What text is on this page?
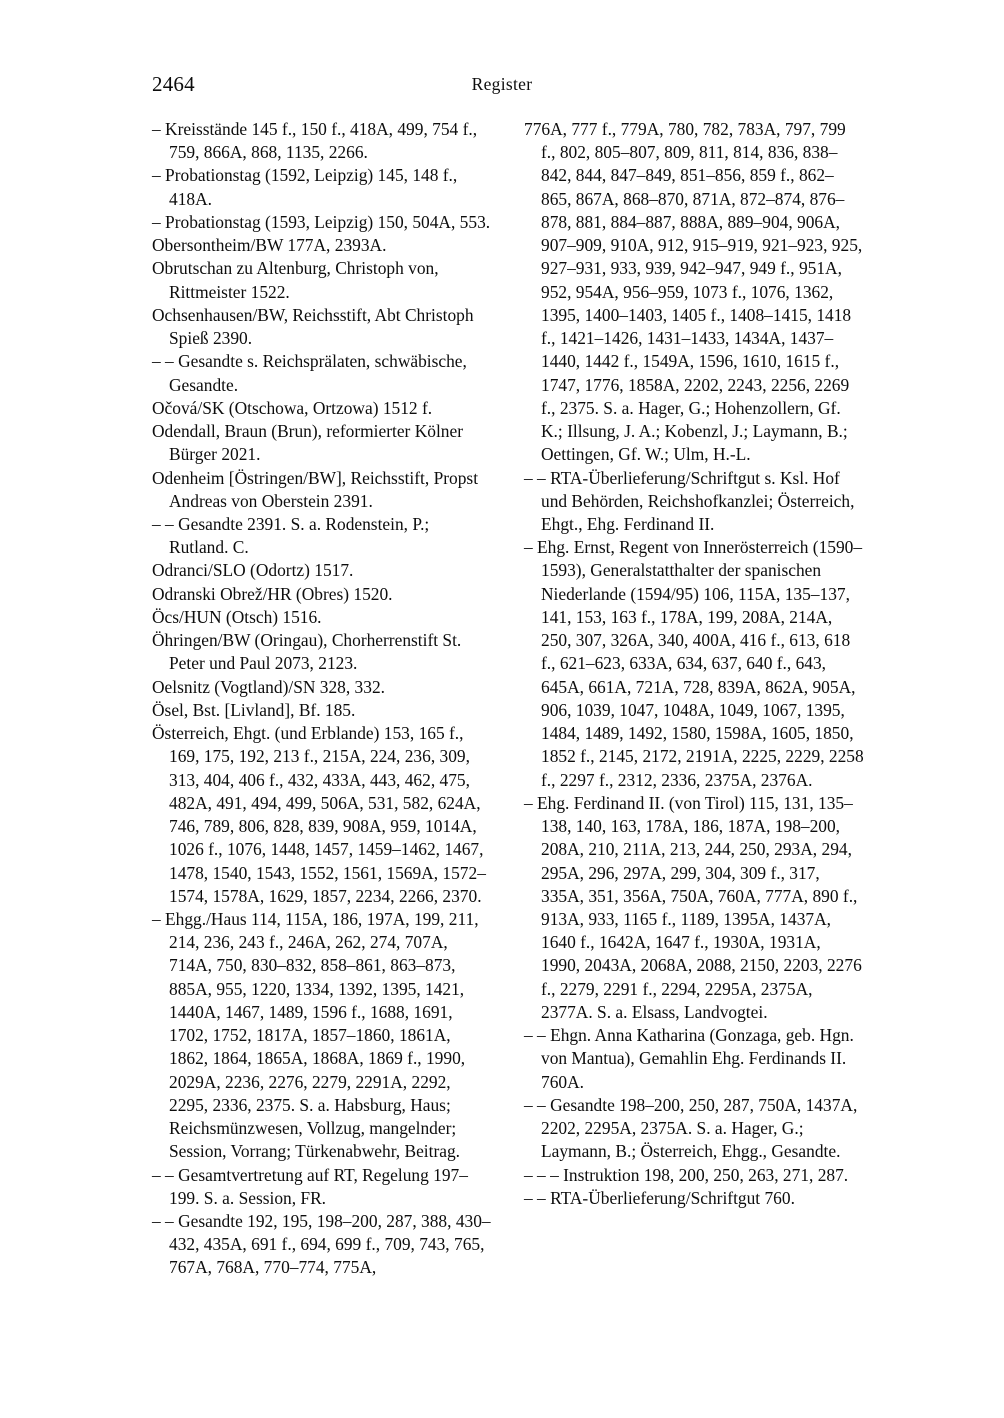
2464	Register

– Kreisstände 145 f., 150 f., 418A, 499, 754 f., 759, 866A, 868, 1135, 2266.

– Probationstag (1592, Leipzig) 145, 148 f., 418A.

– Probationstag (1593, Leipzig) 150, 504A, 553.

Obersontheim/BW 177A, 2393A.

Obrutschan zu Altenburg, Christoph von, Rittmeister 1522.

Ochsenhausen/BW, Reichsstift, Abt Christoph Spieß 2390.

– – Gesandte s. Reichsprälaten, schwäbische, Gesandte.

Očová/SK (Otschowa, Ortzowa) 1512 f.

Odendall, Braun (Brun), reformierter Kölner Bürger 2021.

Odenheim [Östringen/BW], Reichsstift, Propst Andreas von Oberstein 2391.

– – Gesandte 2391. S. a. Rodenstein, P.; Rutland. C.

Odranci/SLO (Odortz) 1517.

Odranski Obrež/HR (Obres) 1520.

Öcs/HUN (Otsch) 1516.

Öhringen/BW (Oringau), Chorherrenstift St. Peter und Paul 2073, 2123.

Oelsnitz (Vogtland)/SN 328, 332.

Ösel, Bst. [Livland], Bf. 185.

Österreich, Ehgt. (und Erblande) 153, 165 f., 169, 175, 192, 213 f., 215A, 224, 236, 309, 313, 404, 406 f., 432, 433A, 443, 462, 475, 482A, 491, 494, 499, 506A, 531, 582, 624A, 746, 789, 806, 828, 839, 908A, 959, 1014A, 1026 f., 1076, 1448, 1457, 1459–1462, 1467, 1478, 1540, 1543, 1552, 1561, 1569A, 1572–1574, 1578A, 1629, 1857, 2234, 2266, 2370.

– Ehgg./Haus 114, 115A, 186, 197A, 199, 211, 214, 236, 243 f., 246A, 262, 274, 707A, 714A, 750, 830–832, 858–861, 863–873, 885A, 955, 1220, 1334, 1392, 1395, 1421, 1440A, 1467, 1489, 1596 f., 1688, 1691, 1702, 1752, 1817A, 1857–1860, 1861A, 1862, 1864, 1865A, 1868A, 1869 f., 1990, 2029A, 2236, 2276, 2279, 2291A, 2292, 2295, 2336, 2375. S. a. Habsburg, Haus; Reichsmünzwesen, Vollzug, mangelnder; Session, Vorrang; Türkenabwehr, Beitrag.

– – Gesamtvertretung auf RT, Regelung 197–199. S. a. Session, FR.

– – Gesandte 192, 195, 198–200, 287, 388, 430–432, 435A, 691 f., 694, 699 f., 709, 743, 765, 767A, 768A, 770–774, 775A,

776A, 777 f., 779A, 780, 782, 783A, 797, 799 f., 802, 805–807, 809, 811, 814, 836, 838–842, 844, 847–849, 851–856, 859 f., 862–865, 867A, 868–870, 871A, 872–874, 876–878, 881, 884–887, 888A, 889–904, 906A, 907–909, 910A, 912, 915–919, 921–923, 925, 927–931, 933, 939, 942–947, 949 f., 951A, 952, 954A, 956–959, 1073 f., 1076, 1362, 1395, 1400–1403, 1405 f., 1408–1415, 1418 f., 1421–1426, 1431–1433, 1434A, 1437–1440, 1442 f., 1549A, 1596, 1610, 1615 f., 1747, 1776, 1858A, 2202, 2243, 2256, 2269 f., 2375. S. a. Hager, G.; Hohenzollern, Gf. K.; Illsung, J. A.; Kobenzl, J.; Laymann, B.; Oettingen, Gf. W.; Ulm, H.-L.

– – RTA-Überlieferung/Schriftgut s. Ksl. Hof und Behörden, Reichshofkanzlei; Österreich, Ehgt., Ehg. Ferdinand II.

– Ehg. Ernst, Regent von Innerösterreich (1590–1593), Generalstatthalter der spanischen Niederlande (1594/95) 106, 115A, 135–137, 141, 153, 163 f., 178A, 199, 208A, 214A, 250, 307, 326A, 340, 400A, 416 f., 613, 618 f., 621–623, 633A, 634, 637, 640 f., 643, 645A, 661A, 721A, 728, 839A, 862A, 905A, 906, 1039, 1047, 1048A, 1049, 1067, 1395, 1484, 1489, 1492, 1580, 1598A, 1605, 1850, 1852 f., 2145, 2172, 2191A, 2225, 2229, 2258 f., 2297 f., 2312, 2336, 2375A, 2376A.

– Ehg. Ferdinand II. (von Tirol) 115, 131, 135–138, 140, 163, 178A, 186, 187A, 198–200, 208A, 210, 211A, 213, 244, 250, 293A, 294, 295A, 296, 297A, 299, 304, 309 f., 317, 335A, 351, 356A, 750A, 760A, 777A, 890 f., 913A, 933, 1165 f., 1189, 1395A, 1437A, 1640 f., 1642A, 1647 f., 1930A, 1931A, 1990, 2043A, 2068A, 2088, 2150, 2203, 2276 f., 2279, 2291 f., 2294, 2295A, 2375A, 2377A. S. a. Elsass, Landvogtei.

– – Ehgn. Anna Katharina (Gonzaga, geb. Hgn. von Mantua), Gemahlin Ehg. Ferdinands II. 760A.

– – Gesandte 198–200, 250, 287, 750A, 1437A, 2202, 2295A, 2375A. S. a. Hager, G.; Laymann, B.; Österreich, Ehgg., Gesandte.

– – – Instruktion 198, 200, 250, 263, 271, 287.

– – RTA-Überlieferung/Schriftgut 760.
